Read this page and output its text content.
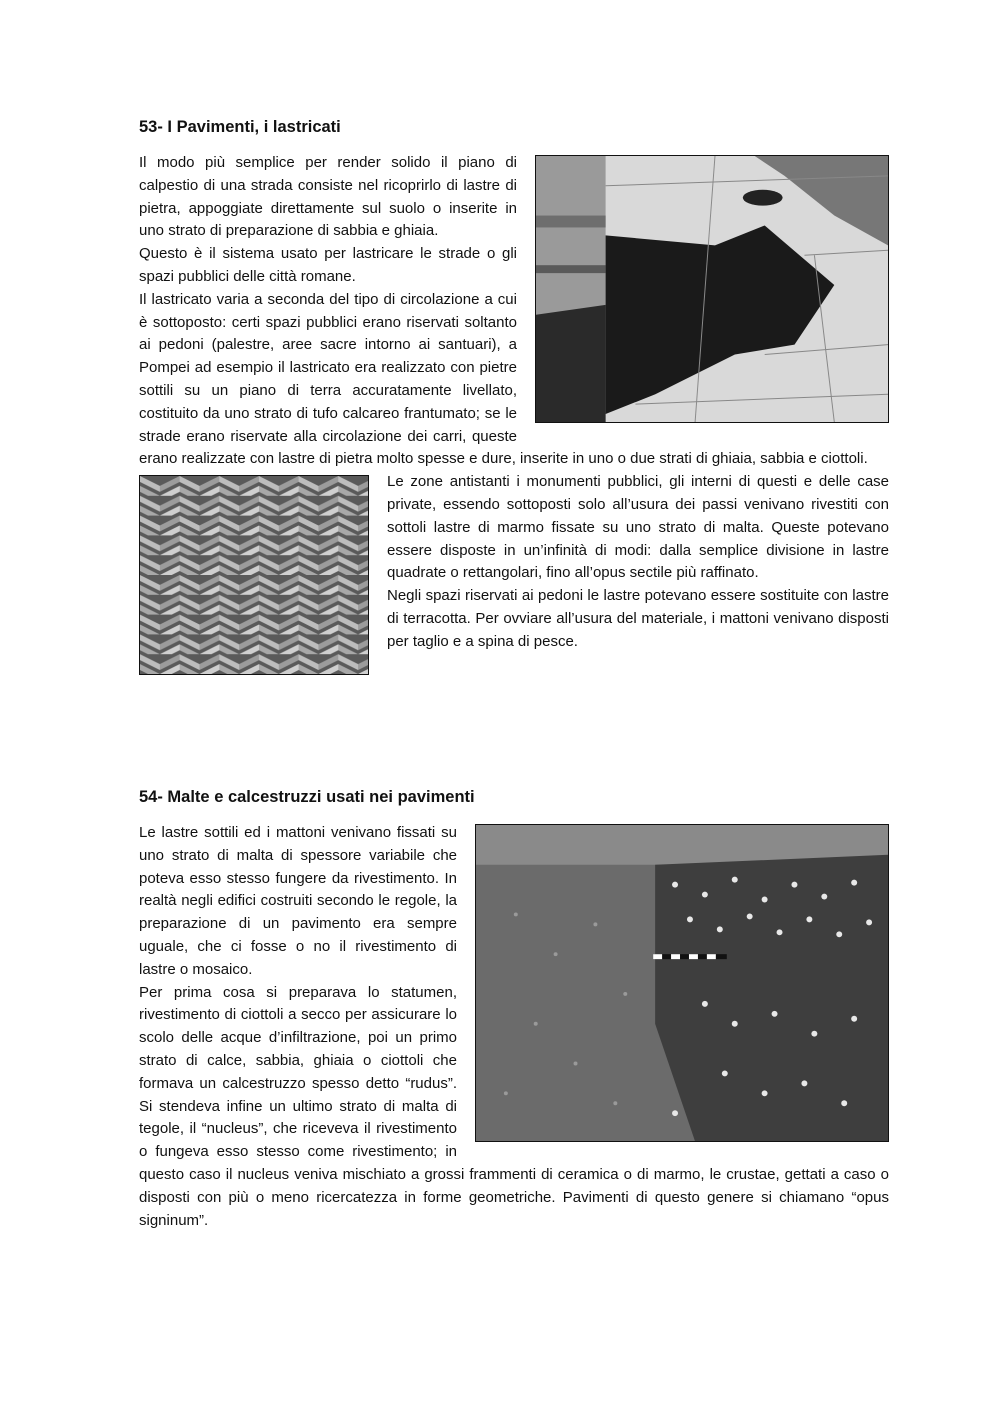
53- I Pavimenti, i lastricati

Il modo più semplice per render solido il piano di calpestio di una strada consiste nel ricoprirlo di lastre di pietra, appoggiate direttamente sul suolo o inserite in uno strato di preparazione di sabbia e ghiaia.

Questo è il sistema usato per lastricare le strade o gli spazi pubblici delle città romane.

Il lastricato varia a seconda del tipo di circolazione a cui è sottoposto: certi spazi pubblici erano riservati soltanto ai pedoni (palestre, aree sacre intorno ai santuari), a Pompei ad esempio il lastricato era realizzato con pietre sottili su un piano di terra accuratamente livellato, costituito da uno strato di tufo calcareo frantumato; se le strade erano riservate alla circolazione dei carri, queste erano realizzate con lastre di pietra molto spesse e dure, inserite in uno o due strati di ghiaia, sabbia e ciottoli.

Le zone antistanti i monumenti pubblici, gli interni di questi e delle case private, essendo sottoposti solo all’usura dei passi venivano rivestiti con sottoli lastre di marmo fissate su uno strato di malta. Queste potevano essere disposte in un’infinità di modi: dalla semplice divisione in lastre quadrate o rettangolari, fino all’opus sectile più raffinato.

Negli spazi riservati ai pedoni le lastre potevano essere sostituite con lastre di terracotta. Per ovviare all’usura del materiale, i mattoni venivano disposti per taglio e a spina di pesce.

54- Malte e calcestruzzi usati nei pavimenti

Le lastre sottili ed i mattoni venivano fissati su uno strato di malta di spessore variabile che poteva esso stesso fungere da rivestimento. In realtà negli edifici costruiti secondo le regole, la preparazione di un pavimento era sempre uguale, che ci fosse o no il rivestimento di lastre o mosaico.

Per prima cosa si preparava lo statumen, rivestimento di ciottoli a secco per assicurare lo scolo delle acque d’infiltrazione, poi un primo strato di calce, sabbia, ghiaia o ciottoli che formava un calcestruzzo spesso detto “rudus”. Si stendeva infine un ultimo strato di malta di tegole, il “nucleus”, che riceveva il rivestimento o fungeva esso stesso come rivestimento; in questo caso il nucleus veniva mischiato a grossi frammenti di ceramica o di marmo, le crustae, gettati a caso o disposti con più o meno ricercatezza in forme geometriche. Pavimenti di questo genere si chiamano “opus signinum”.
